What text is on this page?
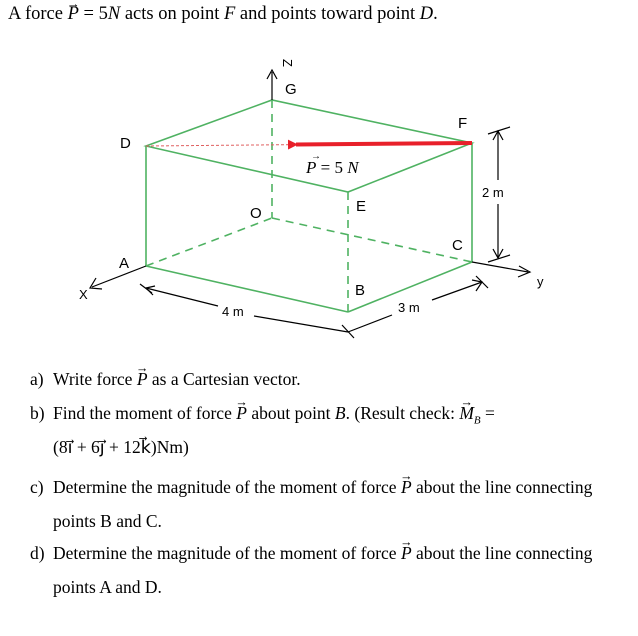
A force → P = 5N acts on point F and points toward point D.
Z
X
y
4 m	3 m
2 m
G
D
F
O	E
A
B
C
P = 5 N
→
a) Write force → P as a Cartesian vector.
b) Find the moment of force → P about point B. (Result check: → $M_B$ =
(8ı⃗ + 6ȷ⃗ + 12k⃗)Nm)
c) Determine the magnitude of the moment of force → P about the line connecting
points B and C.
d) Determine the magnitude of the moment of force → P about the line connecting
points A and D.
